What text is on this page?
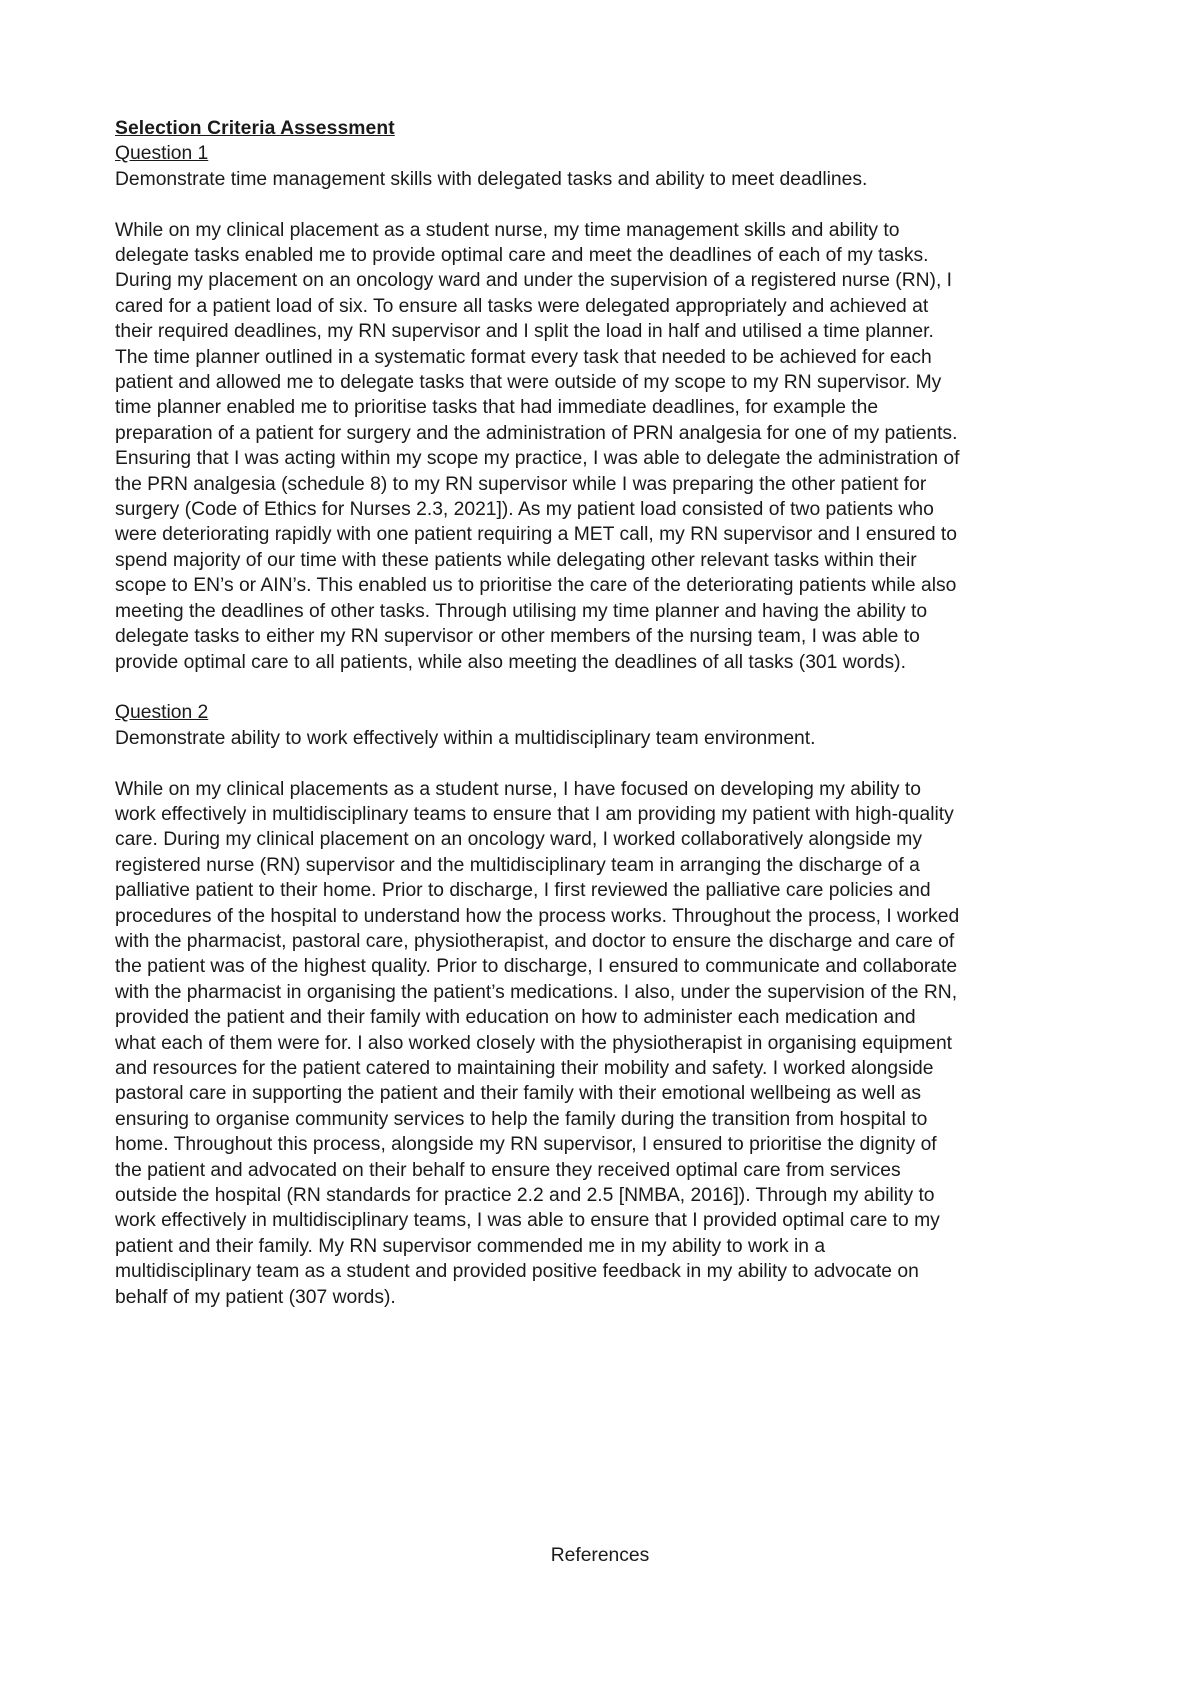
Selection Criteria Assessment

Question 1

Demonstrate time management skills with delegated tasks and ability to meet deadlines.

While on my clinical placement as a student nurse, my time management skills and ability to
delegate tasks enabled me to provide optimal care and meet the deadlines of each of my tasks.
During my placement on an oncology ward and under the supervision of a registered nurse (RN), I
cared for a patient load of six. To ensure all tasks were delegated appropriately and achieved at
their required deadlines, my RN supervisor and I split the load in half and utilised a time planner.
The time planner outlined in a systematic format every task that needed to be achieved for each
patient and allowed me to delegate tasks that were outside of my scope to my RN supervisor. My
time planner enabled me to prioritise tasks that had immediate deadlines, for example the
preparation of a patient for surgery and the administration of PRN analgesia for one of my patients.
Ensuring that I was acting within my scope my practice, I was able to delegate the administration of
the PRN analgesia (schedule 8) to my RN supervisor while I was preparing the other patient for
surgery (Code of Ethics for Nurses 2.3, 2021]). As my patient load consisted of two patients who
were deteriorating rapidly with one patient requiring a MET call, my RN supervisor and I ensured to
spend majority of our time with these patients while delegating other relevant tasks within their
scope to EN’s or AIN’s. This enabled us to prioritise the care of the deteriorating patients while also
meeting the deadlines of other tasks. Through utilising my time planner and having the ability to
delegate tasks to either my RN supervisor or other members of the nursing team, I was able to
provide optimal care to all patients, while also meeting the deadlines of all tasks (301 words).

Question 2

Demonstrate ability to work effectively within a multidisciplinary team environment.

While on my clinical placements as a student nurse, I have focused on developing my ability to
work effectively in multidisciplinary teams to ensure that I am providing my patient with high-quality
care. During my clinical placement on an oncology ward, I worked collaboratively alongside my
registered nurse (RN) supervisor and the multidisciplinary team in arranging the discharge of a
palliative patient to their home. Prior to discharge, I first reviewed the palliative care policies and
procedures of the hospital to understand how the process works. Throughout the process, I worked
with the pharmacist, pastoral care, physiotherapist, and doctor to ensure the discharge and care of
the patient was of the highest quality. Prior to discharge, I ensured to communicate and collaborate
with the pharmacist in organising the patient’s medications. I also, under the supervision of the RN,
provided the patient and their family with education on how to administer each medication and
what each of them were for. I also worked closely with the physiotherapist in organising equipment
and resources for the patient catered to maintaining their mobility and safety. I worked alongside
pastoral care in supporting the patient and their family with their emotional wellbeing as well as
ensuring to organise community services to help the family during the transition from hospital to
home. Throughout this process, alongside my RN supervisor, I ensured to prioritise the dignity of
the patient and advocated on their behalf to ensure they received optimal care from services
outside the hospital (RN standards for practice 2.2 and 2.5 [NMBA, 2016]). Through my ability to
work effectively in multidisciplinary teams, I was able to ensure that I provided optimal care to my
patient and their family. My RN supervisor commended me in my ability to work in a
multidisciplinary team as a student and provided positive feedback in my ability to advocate on
behalf of my patient (307 words).

References
